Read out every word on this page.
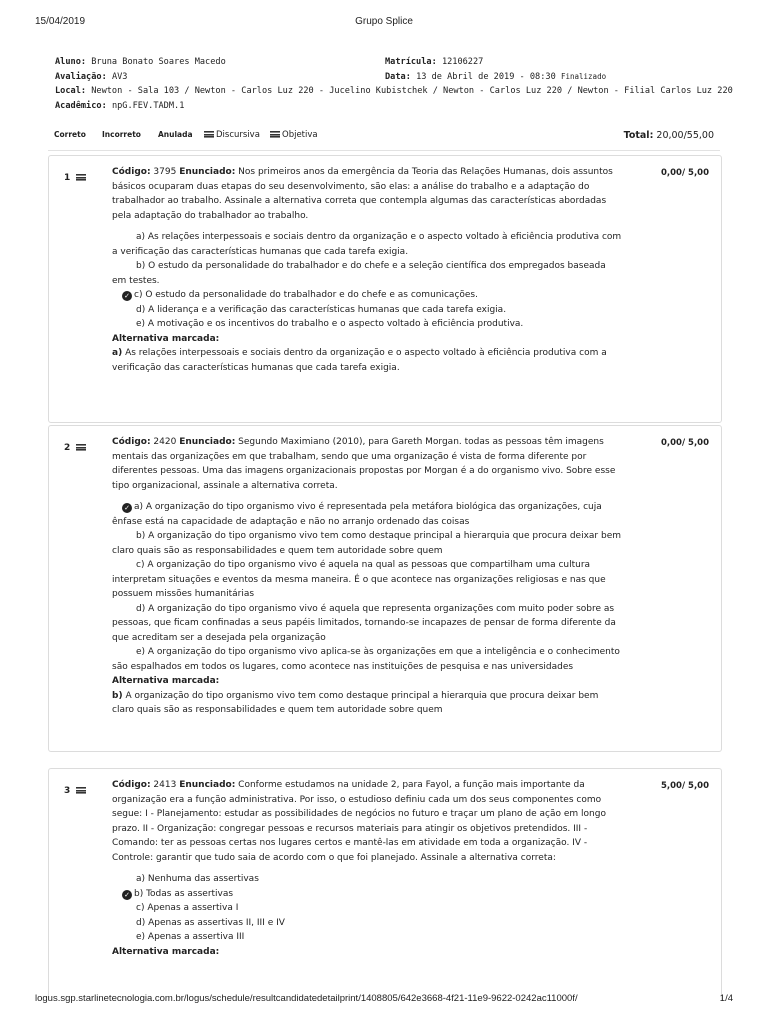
15/04/2019	Grupo Splice
Aluno: Bruna Bonato Soares Macedo	Matrícula: 12106227
Avaliação: AV3	Data: 13 de Abril de 2019 - 08:30 Finalizado
Local: Newton - Sala 103 / Newton - Carlos Luz 220 - Jucelino Kubistchek / Newton - Carlos Luz 220 / Newton - Filial Carlos Luz 220
Acadêmico: npG.FEV.TADM.1
Correto Incorreto Anulada	Discursiva	Objetiva	Total: 20,00/55,00
1	0,00/ 5,00

Código: 3795 Enunciado: Nos primeiros anos da emergência da Teoria das Relações Humanas, dois assuntos básicos ocuparam duas etapas do seu desenvolvimento, são elas: a análise do trabalho e a adaptação do trabalhador ao trabalho. Assinale a alternativa correta que contempla algumas das características abordadas pela adaptação do trabalhador ao trabalho.

a) As relações interpessoais e sociais dentro da organização e o aspecto voltado à eficiência produtiva com a verificação das características humanas que cada tarefa exigia.

b) O estudo da personalidade do trabalhador e do chefe e a seleção científica dos empregados baseada em testes.

✓ c) O estudo da personalidade do trabalhador e do chefe e as comunicações.

d) A liderança e a verificação das características humanas que cada tarefa exigia.

e) A motivação e os incentivos do trabalho e o aspecto voltado à eficiência produtiva.

Alternativa marcada:

a) As relações interpessoais e sociais dentro da organização e o aspecto voltado à eficiência produtiva com a verificação das características humanas que cada tarefa exigia.

2	0,00/ 5,00

Código: 2420 Enunciado: Segundo Maximiano (2010), para Gareth Morgan. todas as pessoas têm imagens mentais das organizações em que trabalham, sendo que uma organização é vista de forma diferente por diferentes pessoas. Uma das imagens organizacionais propostas por Morgan é a do organismo vivo. Sobre esse tipo organizacional, assinale a alternativa correta.

✓ a) A organização do tipo organismo vivo é representada pela metáfora biológica das organizações, cuja ênfase está na capacidade de adaptação e não no arranjo ordenado das coisas

b) A organização do tipo organismo vivo tem como destaque principal a hierarquia que procura deixar bem claro quais são as responsabilidades e quem tem autoridade sobre quem

c) A organização do tipo organismo vivo é aquela na qual as pessoas que compartilham uma cultura interpretam situações e eventos da mesma maneira. É o que acontece nas organizações religiosas e nas que possuem missões humanitárias

d) A organização do tipo organismo vivo é aquela que representa organizações com muito poder sobre as pessoas, que ficam confinadas a seus papéis limitados, tornando-se incapazes de pensar de forma diferente da que acreditam ser a desejada pela organização

e) A organização do tipo organismo vivo aplica-se às organizações em que a inteligência e o conhecimento são espalhados em todos os lugares, como acontece nas instituições de pesquisa e nas universidades

Alternativa marcada:

b) A organização do tipo organismo vivo tem como destaque principal a hierarquia que procura deixar bem claro quais são as responsabilidades e quem tem autoridade sobre quem

3	5,00/ 5,00

Código: 2413 Enunciado: Conforme estudamos na unidade 2, para Fayol, a função mais importante da organização era a função administrativa. Por isso, o estudioso definiu cada um dos seus componentes como segue: I - Planejamento: estudar as possibilidades de negócios no futuro e traçar um plano de ação em longo prazo. II - Organização: congregar pessoas e recursos materiais para atingir os objetivos pretendidos. III - Comando: ter as pessoas certas nos lugares certos e mantê-las em atividade em toda a organização. IV - Controle: garantir que tudo saia de acordo com o que foi planejado. Assinale a alternativa correta:

a) Nenhuma das assertivas

✓ b) Todas as assertivas

c) Apenas a assertiva I

d) Apenas as assertivas II, III e IV

e) Apenas a assertiva III

Alternativa marcada:

logus.sgp.starlinetecnologia.com.br/logus/schedule/resultcandidatedetailprint/1408805/642e3668-4f21-11e9-9622-0242ac11000f/	1/4
